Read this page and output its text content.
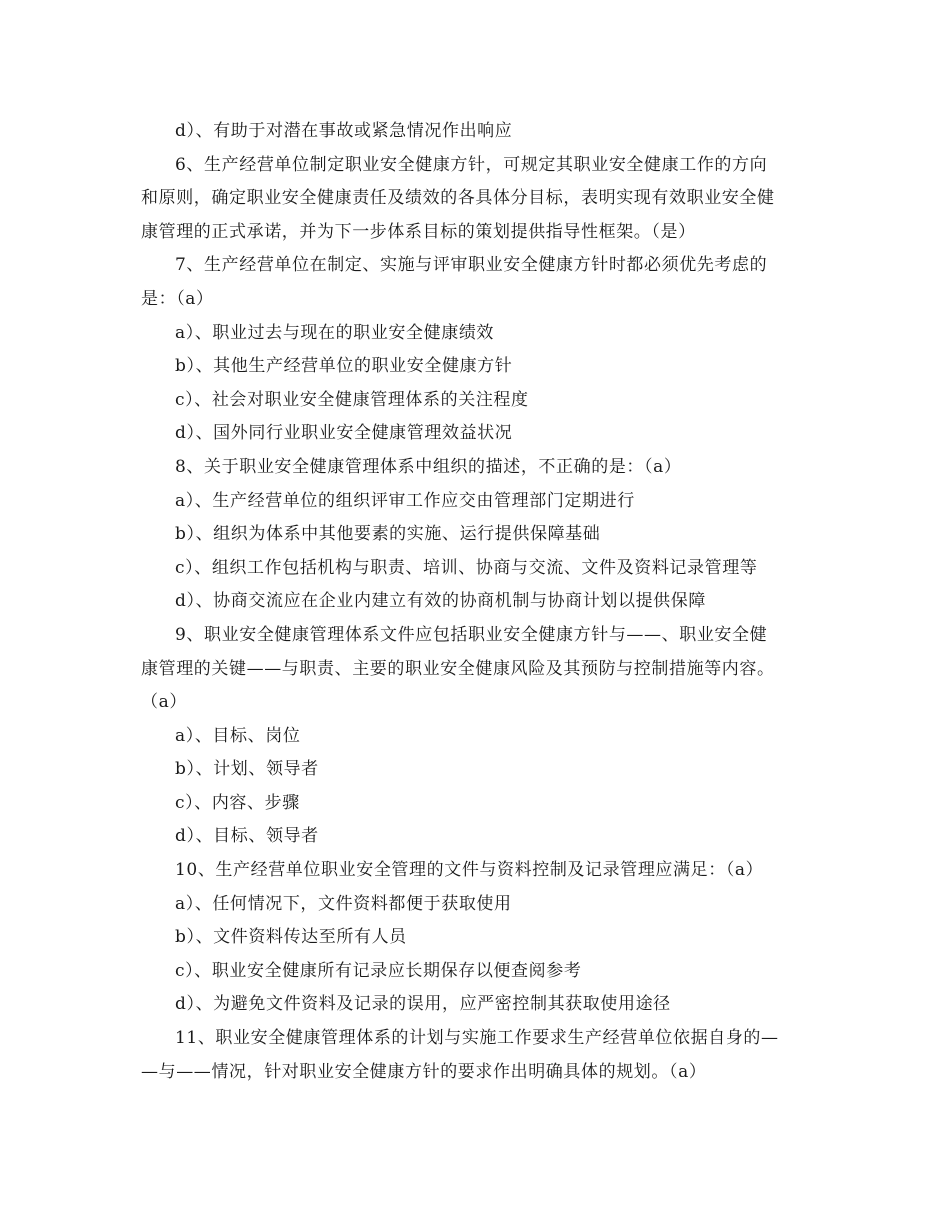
d）、有助于对潜在事故或紧急情况作出响应

6、生产经营单位制定职业安全健康方针，可规定其职业安全健康工作的方向
和原则，确定职业安全健康责任及绩效的各具体分目标，表明实现有效职业安全健
康管理的正式承诺，并为下一步体系目标的策划提供指导性框架。（是）

7、生产经营单位在制定、实施与评审职业安全健康方针时都必须优先考虑的
是：（a）

a）、职业过去与现在的职业安全健康绩效

b）、其他生产经营单位的职业安全健康方针

c）、社会对职业安全健康管理体系的关注程度

d）、国外同行业职业安全健康管理效益状况

8、关于职业安全健康管理体系中组织的描述，不正确的是：（a）

a）、生产经营单位的组织评审工作应交由管理部门定期进行

b）、组织为体系中其他要素的实施、运行提供保障基础

c）、组织工作包括机构与职责、培训、协商与交流、文件及资料记录管理等

d）、协商交流应在企业内建立有效的协商机制与协商计划以提供保障

9、职业安全健康管理体系文件应包括职业安全健康方针与——、职业安全健
康管理的关键——与职责、主要的职业安全健康风险及其预防与控制措施等内容。
（a）

a）、目标、岗位

b）、计划、领导者

c）、内容、步骤

d）、目标、领导者

10、生产经营单位职业安全管理的文件与资料控制及记录管理应满足：（a）

a）、任何情况下，文件资料都便于获取使用

b）、文件资料传达至所有人员

c）、职业安全健康所有记录应长期保存以便查阅参考

d）、为避免文件资料及记录的误用，应严密控制其获取使用途径

11、职业安全健康管理体系的计划与实施工作要求生产经营单位依据自身的—
—与——情况，针对职业安全健康方针的要求作出明确具体的规划。（a）
